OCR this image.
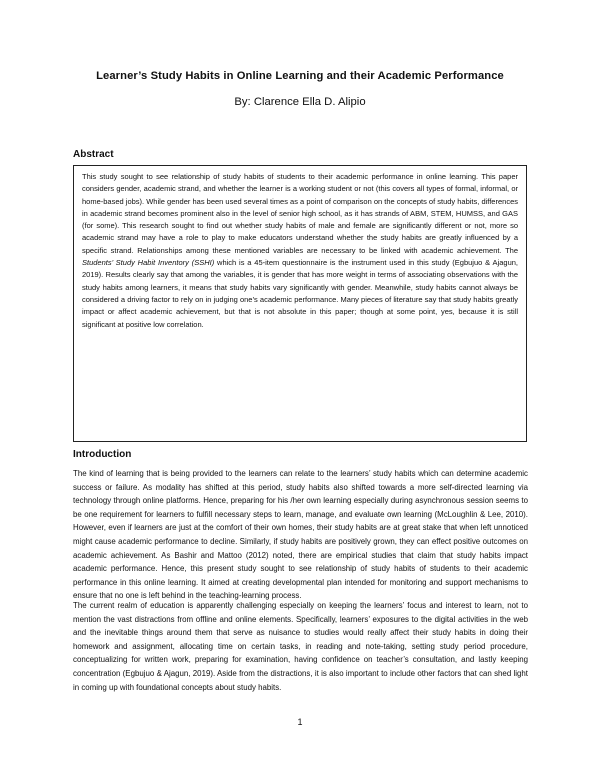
Learner’s Study Habits in Online Learning and their Academic Performance
By: Clarence Ella D. Alipio
Abstract

This study sought to see relationship of study habits of students to their academic performance in online learning. This paper considers gender, academic strand, and whether the learner is a working student or not (this covers all types of formal, informal, or home-based jobs). While gender has been used several times as a point of comparison on the concepts of study habits, differences in academic strand becomes prominent also in the level of senior high school, as it has strands of ABM, STEM, HUMSS, and GAS (for some). This research sought to find out whether study habits of male and female are significantly different or not, more so academic strand may have a role to play to make educators understand whether the study habits are greatly influenced by a specific strand. Relationships among these mentioned variables are necessary to be linked with academic achievement. The Students’ Study Habit Inventory (SSHI) which is a 45-item questionnaire is the instrument used in this study (Egbujuo & Ajagun, 2019). Results clearly say that among the variables, it is gender that has more weight in terms of associating observations with the study habits among learners, it means that study habits vary significantly with gender. Meanwhile, study habits cannot always be considered a driving factor to rely on in judging one’s academic performance. Many pieces of literature say that study habits greatly impact or affect academic achievement, but that is not absolute in this paper; though at some point, yes, because it is still significant at positive low correlation.

Introduction

The kind of learning that is being provided to the learners can relate to the learners’ study habits which can determine academic success or failure. As modality has shifted at this period, study habits also shifted towards a more self-directed learning via technology through online platforms. Hence, preparing for his /her own learning especially during asynchronous session seems to be one requirement for learners to fulfill necessary steps to learn, manage, and evaluate own learning (McLoughlin & Lee, 2010). However, even if learners are just at the comfort of their own homes, their study habits are at great stake that when left unnoticed might cause academic performance to decline. Similarly, if study habits are positively grown, they can effect positive outcomes on academic achievement. As Bashir and Mattoo (2012) noted, there are empirical studies that claim that study habits impact academic performance. Hence, this present study sought to see relationship of study habits of students to their academic performance in this online learning. It aimed at creating developmental plan intended for monitoring and support mechanisms to ensure that no one is left behind in the teaching-learning process.

The current realm of education is apparently challenging especially on keeping the learners’ focus and interest to learn, not to mention the vast distractions from offline and online elements. Specifically, learners’ exposures to the digital activities in the web and the inevitable things around them that serve as nuisance to studies would really affect their study habits in doing their homework and assignment, allocating time on certain tasks, in reading and note-taking, setting study period procedure, conceptualizing for written work, preparing for examination, having confidence on teacher’s consultation, and lastly keeping concentration (Egbujuo & Ajagun, 2019). Aside from the distractions, it is also important to include other factors that can shed light in coming up with foundational concepts about study habits.

1
